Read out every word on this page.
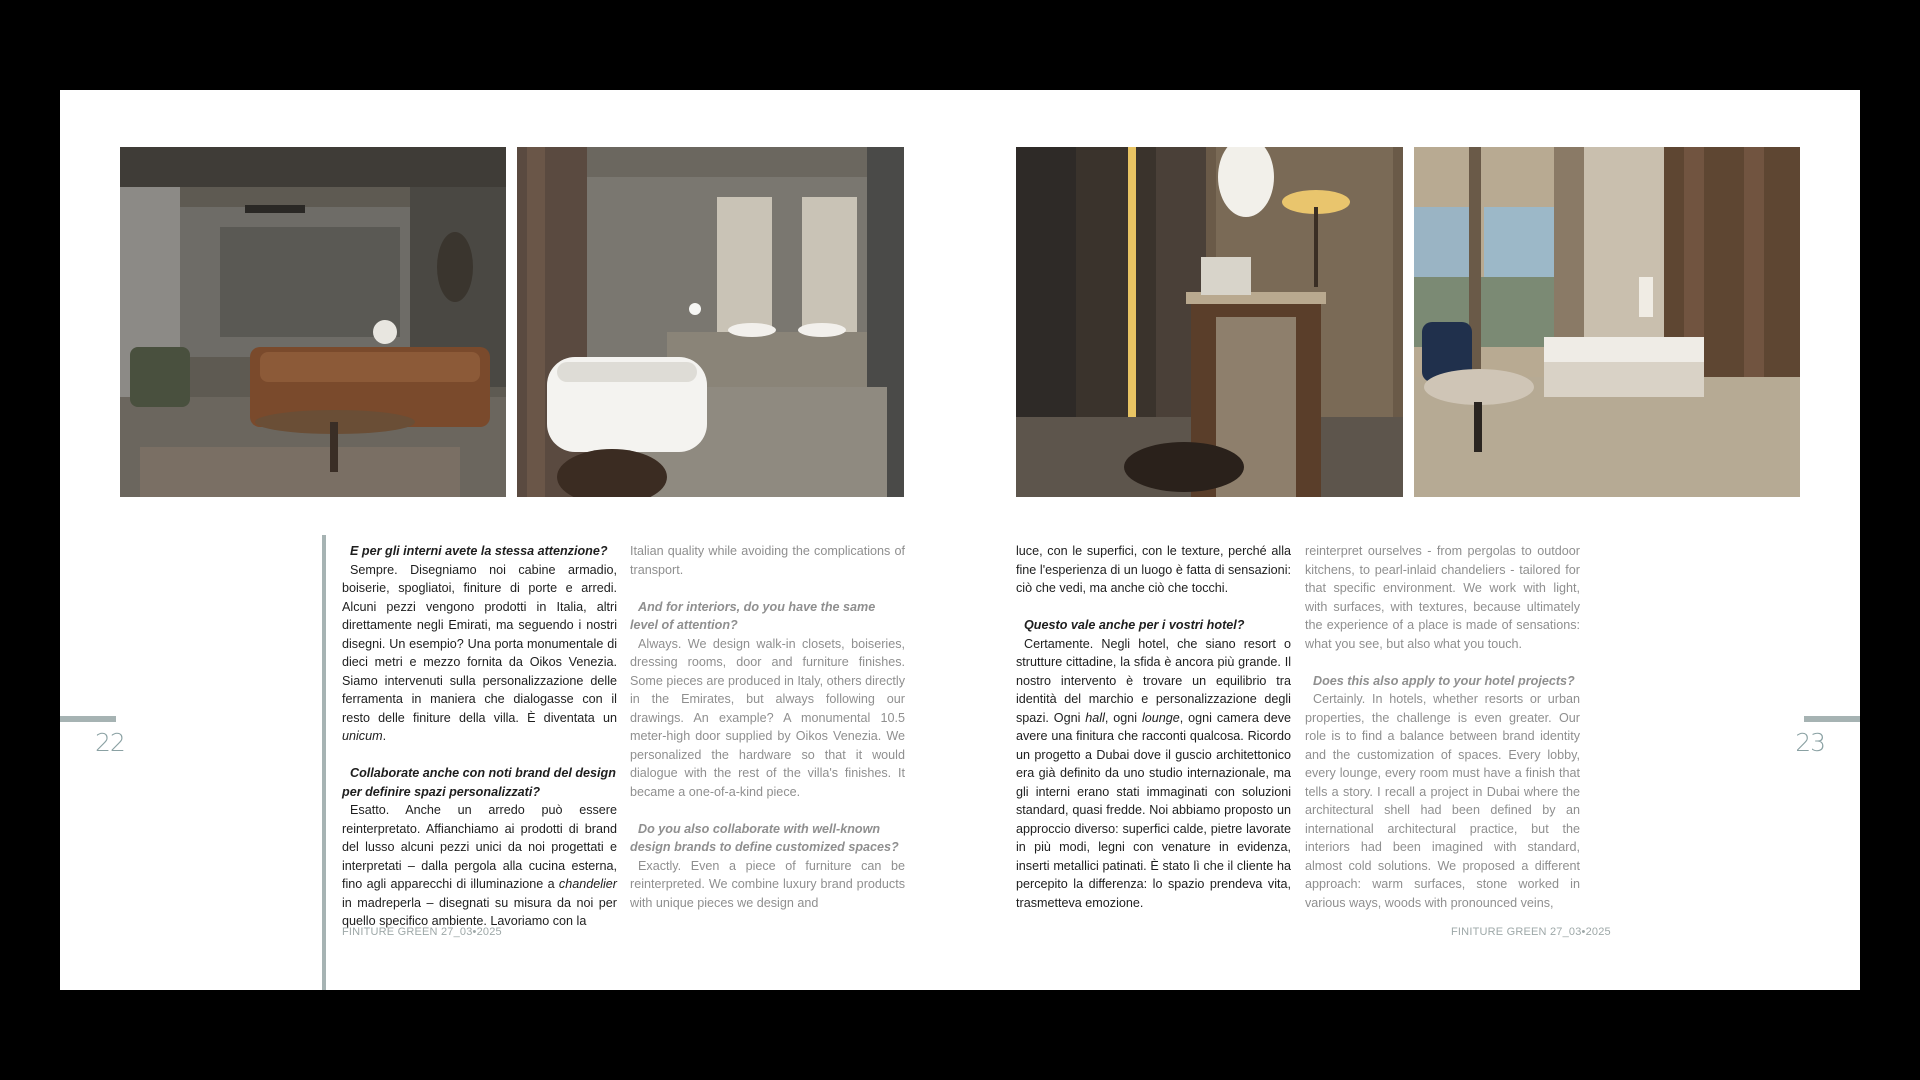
22	23

E per gli interni avete la stessa attenzione?

Sempre. Disegniamo noi cabine armadio, boiserie, spogliatoi, finiture di porte e arredi. Alcuni pezzi vengono prodotti in Italia, altri direttamente negli Emirati, ma seguendo i nostri disegni. Un esempio? Una porta monumentale di dieci metri e mezzo fornita da Oikos Venezia. Siamo intervenuti sulla personalizzazione delle ferramenta in maniera che dialogasse con il resto delle finiture della villa. È diventata un unicum.

Collaborate anche con noti brand del design per definire spazi personalizzati?

Esatto. Anche un arredo può essere reinterpretato. Affianchiamo ai prodotti di brand del lusso alcuni pezzi unici da noi progettati e interpretati – dalla pergola alla cucina esterna, fino agli apparecchi di illuminazione a chandelier in madreperla – disegnati su misura da noi per quello specifico ambiente. Lavoriamo con la

Italian quality while avoiding the complications of transport.

And for interiors, do you have the same level of attention?

Always. We design walk-in closets, boiseries, dressing rooms, door and furniture finishes. Some pieces are produced in Italy, others directly in the Emirates, but always following our drawings. An example? A monumental 10.5 meter-high door supplied by Oikos Venezia. We personalized the hardware so that it would dialogue with the rest of the villa's finishes. It became a one-of-a-kind piece.

Do you also collaborate with well-known design brands to define customized spaces?

Exactly. Even a piece of furniture can be reinterpreted. We combine luxury brand products with unique pieces we design and

luce, con le superfici, con le texture, perché alla fine l'esperienza di un luogo è fatta di sensazioni: ciò che vedi, ma anche ciò che tocchi.

Questo vale anche per i vostri hotel?

Certamente. Negli hotel, che siano resort o strutture cittadine, la sfida è ancora più grande. Il nostro intervento è trovare un equilibrio tra identità del marchio e personalizzazione degli spazi. Ogni hall, ogni lounge, ogni camera deve avere una finitura che racconti qualcosa. Ricordo un progetto a Dubai dove il guscio architettonico era già definito da uno studio internazionale, ma gli interni erano stati immaginati con soluzioni standard, quasi fredde. Noi abbiamo proposto un approccio diverso: superfici calde, pietre lavorate in più modi, legni con venature in evidenza, inserti metallici patinati. È stato lì che il cliente ha percepito la differenza: lo spazio prendeva vita, trasmetteva emozione.

reinterpret ourselves - from pergolas to outdoor kitchens, to pearl-inlaid chandeliers - tailored for that specific environment. We work with light, with surfaces, with textures, because ultimately the experience of a place is made of sensations: what you see, but also what you touch.

Does this also apply to your hotel projects?

Certainly. In hotels, whether resorts or urban properties, the challenge is even greater. Our role is to find a balance between brand identity and the customization of spaces. Every lobby, every lounge, every room must have a finish that tells a story. I recall a project in Dubai where the architectural shell had been defined by an international architectural practice, but the interiors had been imagined with standard, almost cold solutions. We proposed a different approach: warm surfaces, stone worked in various ways, woods with pronounced veins,

FINITURE GREEN 27_03•2025	FINITURE GREEN 27_03•2025
